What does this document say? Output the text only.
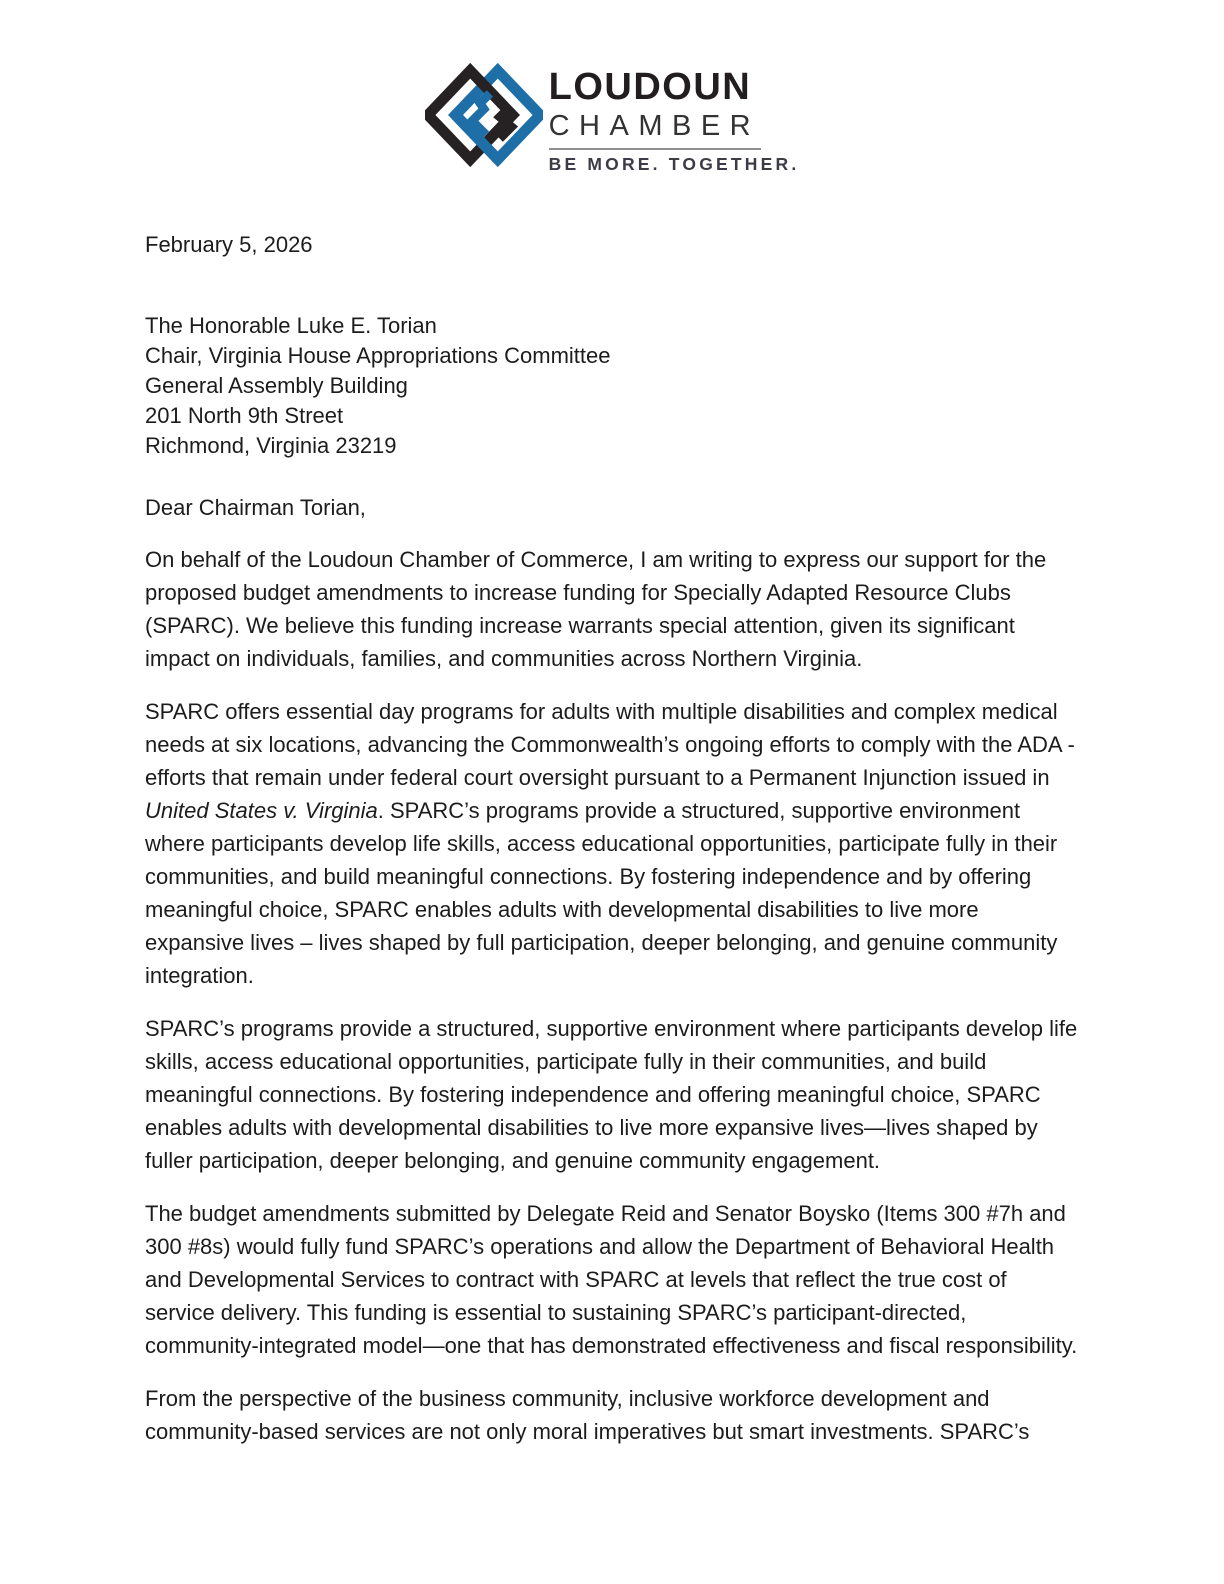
LOUDOUN
CHAMBER
BE MORE. TOGETHER.

February 5, 2026

The Honorable Luke E. Torian
Chair, Virginia House Appropriations Committee
General Assembly Building
201 North 9th Street
Richmond, Virginia 23219

Dear Chairman Torian,

On behalf of the Loudoun Chamber of Commerce, I am writing to express our support for the proposed budget amendments to increase funding for Specially Adapted Resource Clubs (SPARC). We believe this funding increase warrants special attention, given its significant impact on individuals, families, and communities across Northern Virginia.

SPARC offers essential day programs for adults with multiple disabilities and complex medical needs at six locations, advancing the Commonwealth’s ongoing efforts to comply with the ADA - efforts that remain under federal court oversight pursuant to a Permanent Injunction issued in United States v. Virginia. SPARC’s programs provide a structured, supportive environment where participants develop life skills, access educational opportunities, participate fully in their communities, and build meaningful connections. By fostering independence and by offering meaningful choice, SPARC enables adults with developmental disabilities to live more expansive lives – lives shaped by full participation, deeper belonging, and genuine community integration.

SPARC’s programs provide a structured, supportive environment where participants develop life skills, access educational opportunities, participate fully in their communities, and build meaningful connections. By fostering independence and offering meaningful choice, SPARC enables adults with developmental disabilities to live more expansive lives—lives shaped by fuller participation, deeper belonging, and genuine community engagement.

The budget amendments submitted by Delegate Reid and Senator Boysko (Items 300 #7h and 300 #8s) would fully fund SPARC’s operations and allow the Department of Behavioral Health and Developmental Services to contract with SPARC at levels that reflect the true cost of service delivery. This funding is essential to sustaining SPARC’s participant-directed, community-integrated model—one that has demonstrated effectiveness and fiscal responsibility.

From the perspective of the business community, inclusive workforce development and community-based services are not only moral imperatives but smart investments. SPARC’s
